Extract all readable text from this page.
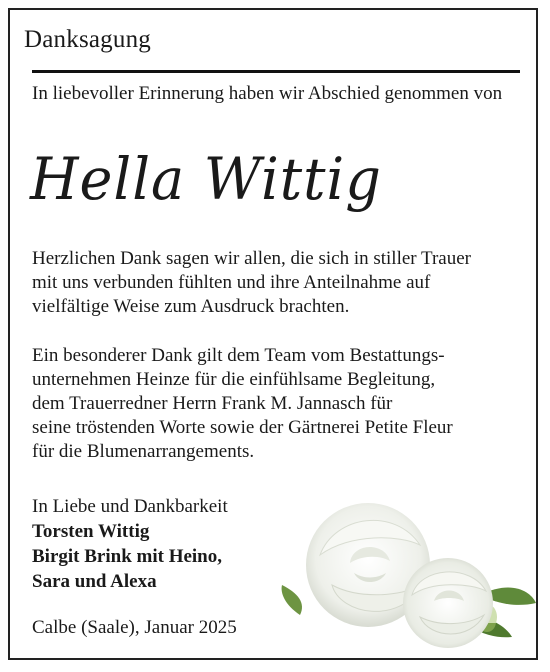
Danksagung
In liebevoller Erinnerung haben wir Abschied genommen von
Hella Wittig
Herzlichen Dank sagen wir allen, die sich in stiller Trauer
mit uns verbunden fühlten und ihre Anteilnahme auf
vielfältige Weise zum Ausdruck brachten.
Ein besonderer Dank gilt dem Team vom Bestattungs-
unternehmen Heinze für die einfühlsame Begleitung,
dem Trauerredner Herrn Frank M. Jannasch für
seine tröstenden Worte sowie der Gärtnerei Petite Fleur
für die Blumenarrangements.
In Liebe und Dankbarkeit
Torsten Wittig
Birgit Brink mit Heino,
Sara und Alexa
Calbe (Saale), Januar 2025
